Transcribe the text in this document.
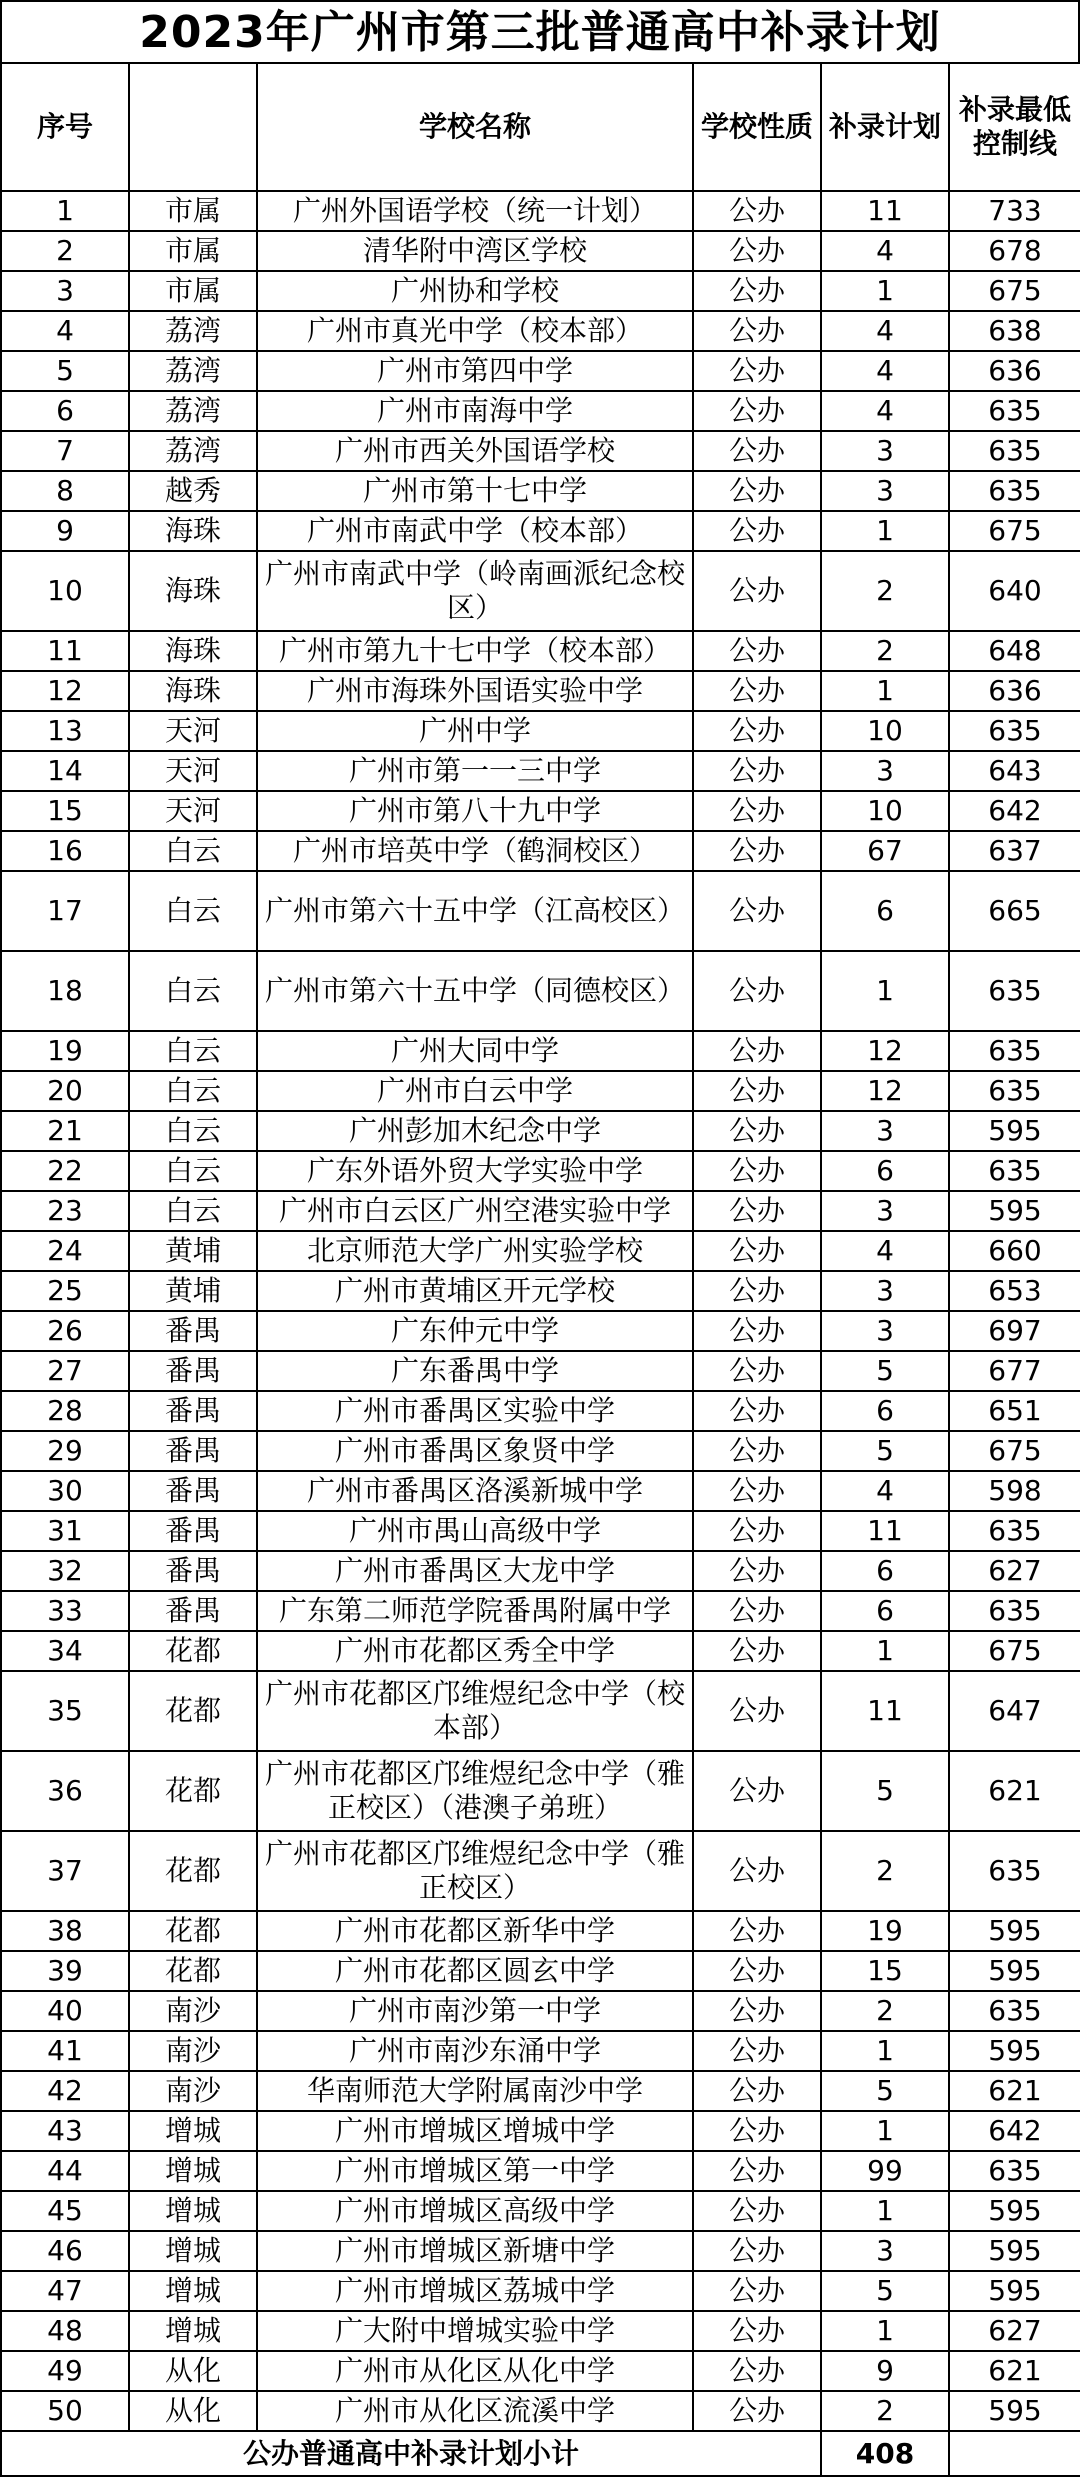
2023年广州市第三批普通高中补录计划
序号		学校名称	学校性质	补录计划	补录最低控制线
1	市属	广州外国语学校（统一计划）	公办	11	733
2	市属	清华附中湾区学校	公办	4	678
3	市属	广州协和学校	公办	1	675
4	荔湾	广州市真光中学（校本部）	公办	4	638
5	荔湾	广州市第四中学	公办	4	636
6	荔湾	广州市南海中学	公办	4	635
7	荔湾	广州市西关外国语学校	公办	3	635
8	越秀	广州市第十七中学	公办	3	635
9	海珠	广州市南武中学（校本部）	公办	1	675
10	海珠	广州市南武中学（岭南画派纪念校区）	公办	2	640
11	海珠	广州市第九十七中学（校本部）	公办	2	648
12	海珠	广州市海珠外国语实验中学	公办	1	636
13	天河	广州中学	公办	10	635
14	天河	广州市第一一三中学	公办	3	643
15	天河	广州市第八十九中学	公办	10	642
16	白云	广州市培英中学（鹤洞校区）	公办	67	637
17	白云	广州市第六十五中学（江高校区）	公办	6	665
18	白云	广州市第六十五中学（同德校区）	公办	1	635
19	白云	广州大同中学	公办	12	635
20	白云	广州市白云中学	公办	12	635
21	白云	广州彭加木纪念中学	公办	3	595
22	白云	广东外语外贸大学实验中学	公办	6	635
23	白云	广州市白云区广州空港实验中学	公办	3	595
24	黄埔	北京师范大学广州实验学校	公办	4	660
25	黄埔	广州市黄埔区开元学校	公办	3	653
26	番禺	广东仲元中学	公办	3	697
27	番禺	广东番禺中学	公办	5	677
28	番禺	广州市番禺区实验中学	公办	6	651
29	番禺	广州市番禺区象贤中学	公办	5	675
30	番禺	广州市番禺区洛溪新城中学	公办	4	598
31	番禺	广州市禺山高级中学	公办	11	635
32	番禺	广州市番禺区大龙中学	公办	6	627
33	番禺	广东第二师范学院番禺附属中学	公办	6	635
34	花都	广州市花都区秀全中学	公办	1	675
35	花都	广州市花都区邝维煜纪念中学（校本部）	公办	11	647
36	花都	广州市花都区邝维煜纪念中学（雅正校区）（港澳子弟班）	公办	5	621
37	花都	广州市花都区邝维煜纪念中学（雅正校区）	公办	2	635
38	花都	广州市花都区新华中学	公办	19	595
39	花都	广州市花都区圆玄中学	公办	15	595
40	南沙	广州市南沙第一中学	公办	2	635
41	南沙	广州市南沙东涌中学	公办	1	595
42	南沙	华南师范大学附属南沙中学	公办	5	621
43	增城	广州市增城区增城中学	公办	1	642
44	增城	广州市增城区第一中学	公办	99	635
45	增城	广州市增城区高级中学	公办	1	595
46	增城	广州市增城区新塘中学	公办	3	595
47	增城	广州市增城区荔城中学	公办	5	595
48	增城	广大附中增城实验中学	公办	1	627
49	从化	广州市从化区从化中学	公办	9	621
50	从化	广州市从化区流溪中学	公办	2	595
公办普通高中补录计划小计				408	
